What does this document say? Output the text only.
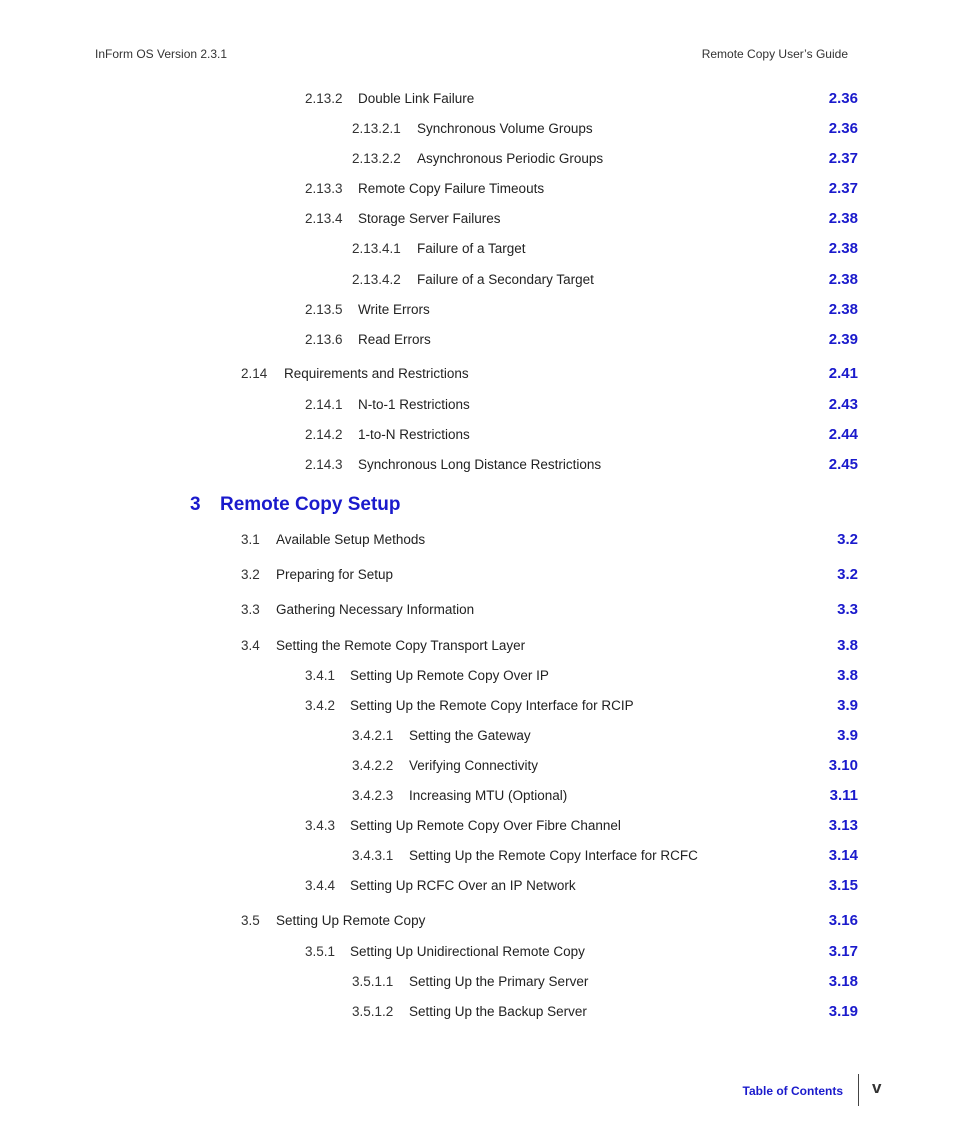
InForm OS Version 2.3.1	Remote Copy User’s Guide
2.13.2 Double Link Failure	2.36
2.13.2.1 Synchronous Volume Groups	2.36
2.13.2.2 Asynchronous Periodic Groups	2.37
2.13.3 Remote Copy Failure Timeouts	2.37
2.13.4 Storage Server Failures	2.38
2.13.4.1 Failure of a Target	2.38
2.13.4.2 Failure of a Secondary Target	2.38
2.13.5 Write Errors	2.38
2.13.6 Read Errors	2.39
2.14 Requirements and Restrictions	2.41
2.14.1 N-to-1 Restrictions	2.43
2.14.2 1-to-N Restrictions	2.44
2.14.3 Synchronous Long Distance Restrictions	2.45
3 Remote Copy Setup
3.1 Available Setup Methods	3.2
3.2 Preparing for Setup	3.2
3.3 Gathering Necessary Information	3.3
3.4 Setting the Remote Copy Transport Layer	3.8
3.4.1 Setting Up Remote Copy Over IP	3.8
3.4.2 Setting Up the Remote Copy Interface for RCIP	3.9
3.4.2.1 Setting the Gateway	3.9
3.4.2.2 Verifying Connectivity	3.10
3.4.2.3 Increasing MTU (Optional)	3.11
3.4.3 Setting Up Remote Copy Over Fibre Channel	3.13
3.4.3.1 Setting Up the Remote Copy Interface for RCFC	3.14
3.4.4 Setting Up RCFC Over an IP Network	3.15
3.5 Setting Up Remote Copy	3.16
3.5.1 Setting Up Unidirectional Remote Copy	3.17
3.5.1.1 Setting Up the Primary Server	3.18
3.5.1.2 Setting Up the Backup Server	3.19
Table of Contents v
